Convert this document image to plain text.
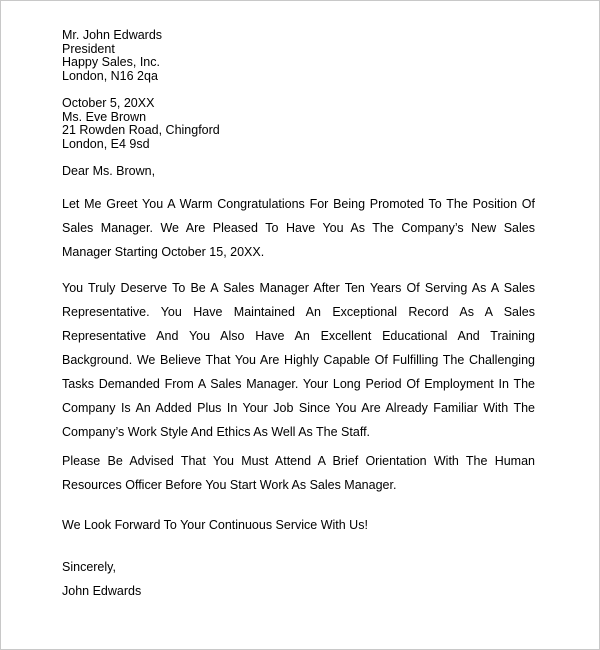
Mr. John Edwards
President
Happy Sales, Inc.
London, N16 2qa
October 5, 20XX
Ms. Eve Brown
21 Rowden Road, Chingford
London, E4 9sd
Dear Ms. Brown,

Let Me Greet You A Warm Congratulations For Being Promoted To The Position Of Sales Manager. We Are Pleased To Have You As The Company’s New Sales Manager Starting October 15, 20XX.

You Truly Deserve To Be A Sales Manager After Ten Years Of Serving As A Sales Representative. You Have Maintained An Exceptional Record As A Sales Representative And You Also Have An Excellent Educational And Training Background. We Believe That You Are Highly Capable Of Fulfilling The Challenging Tasks Demanded From A Sales Manager. Your Long Period Of Employment In The Company Is An Added Plus In Your Job Since You Are Already Familiar With The Company’s Work Style And Ethics As Well As The Staff.

Please Be Advised That You Must Attend A Brief Orientation With The Human Resources Officer Before You Start Work As Sales Manager.

We Look Forward To Your Continuous Service With Us!

Sincerely,
John Edwards
